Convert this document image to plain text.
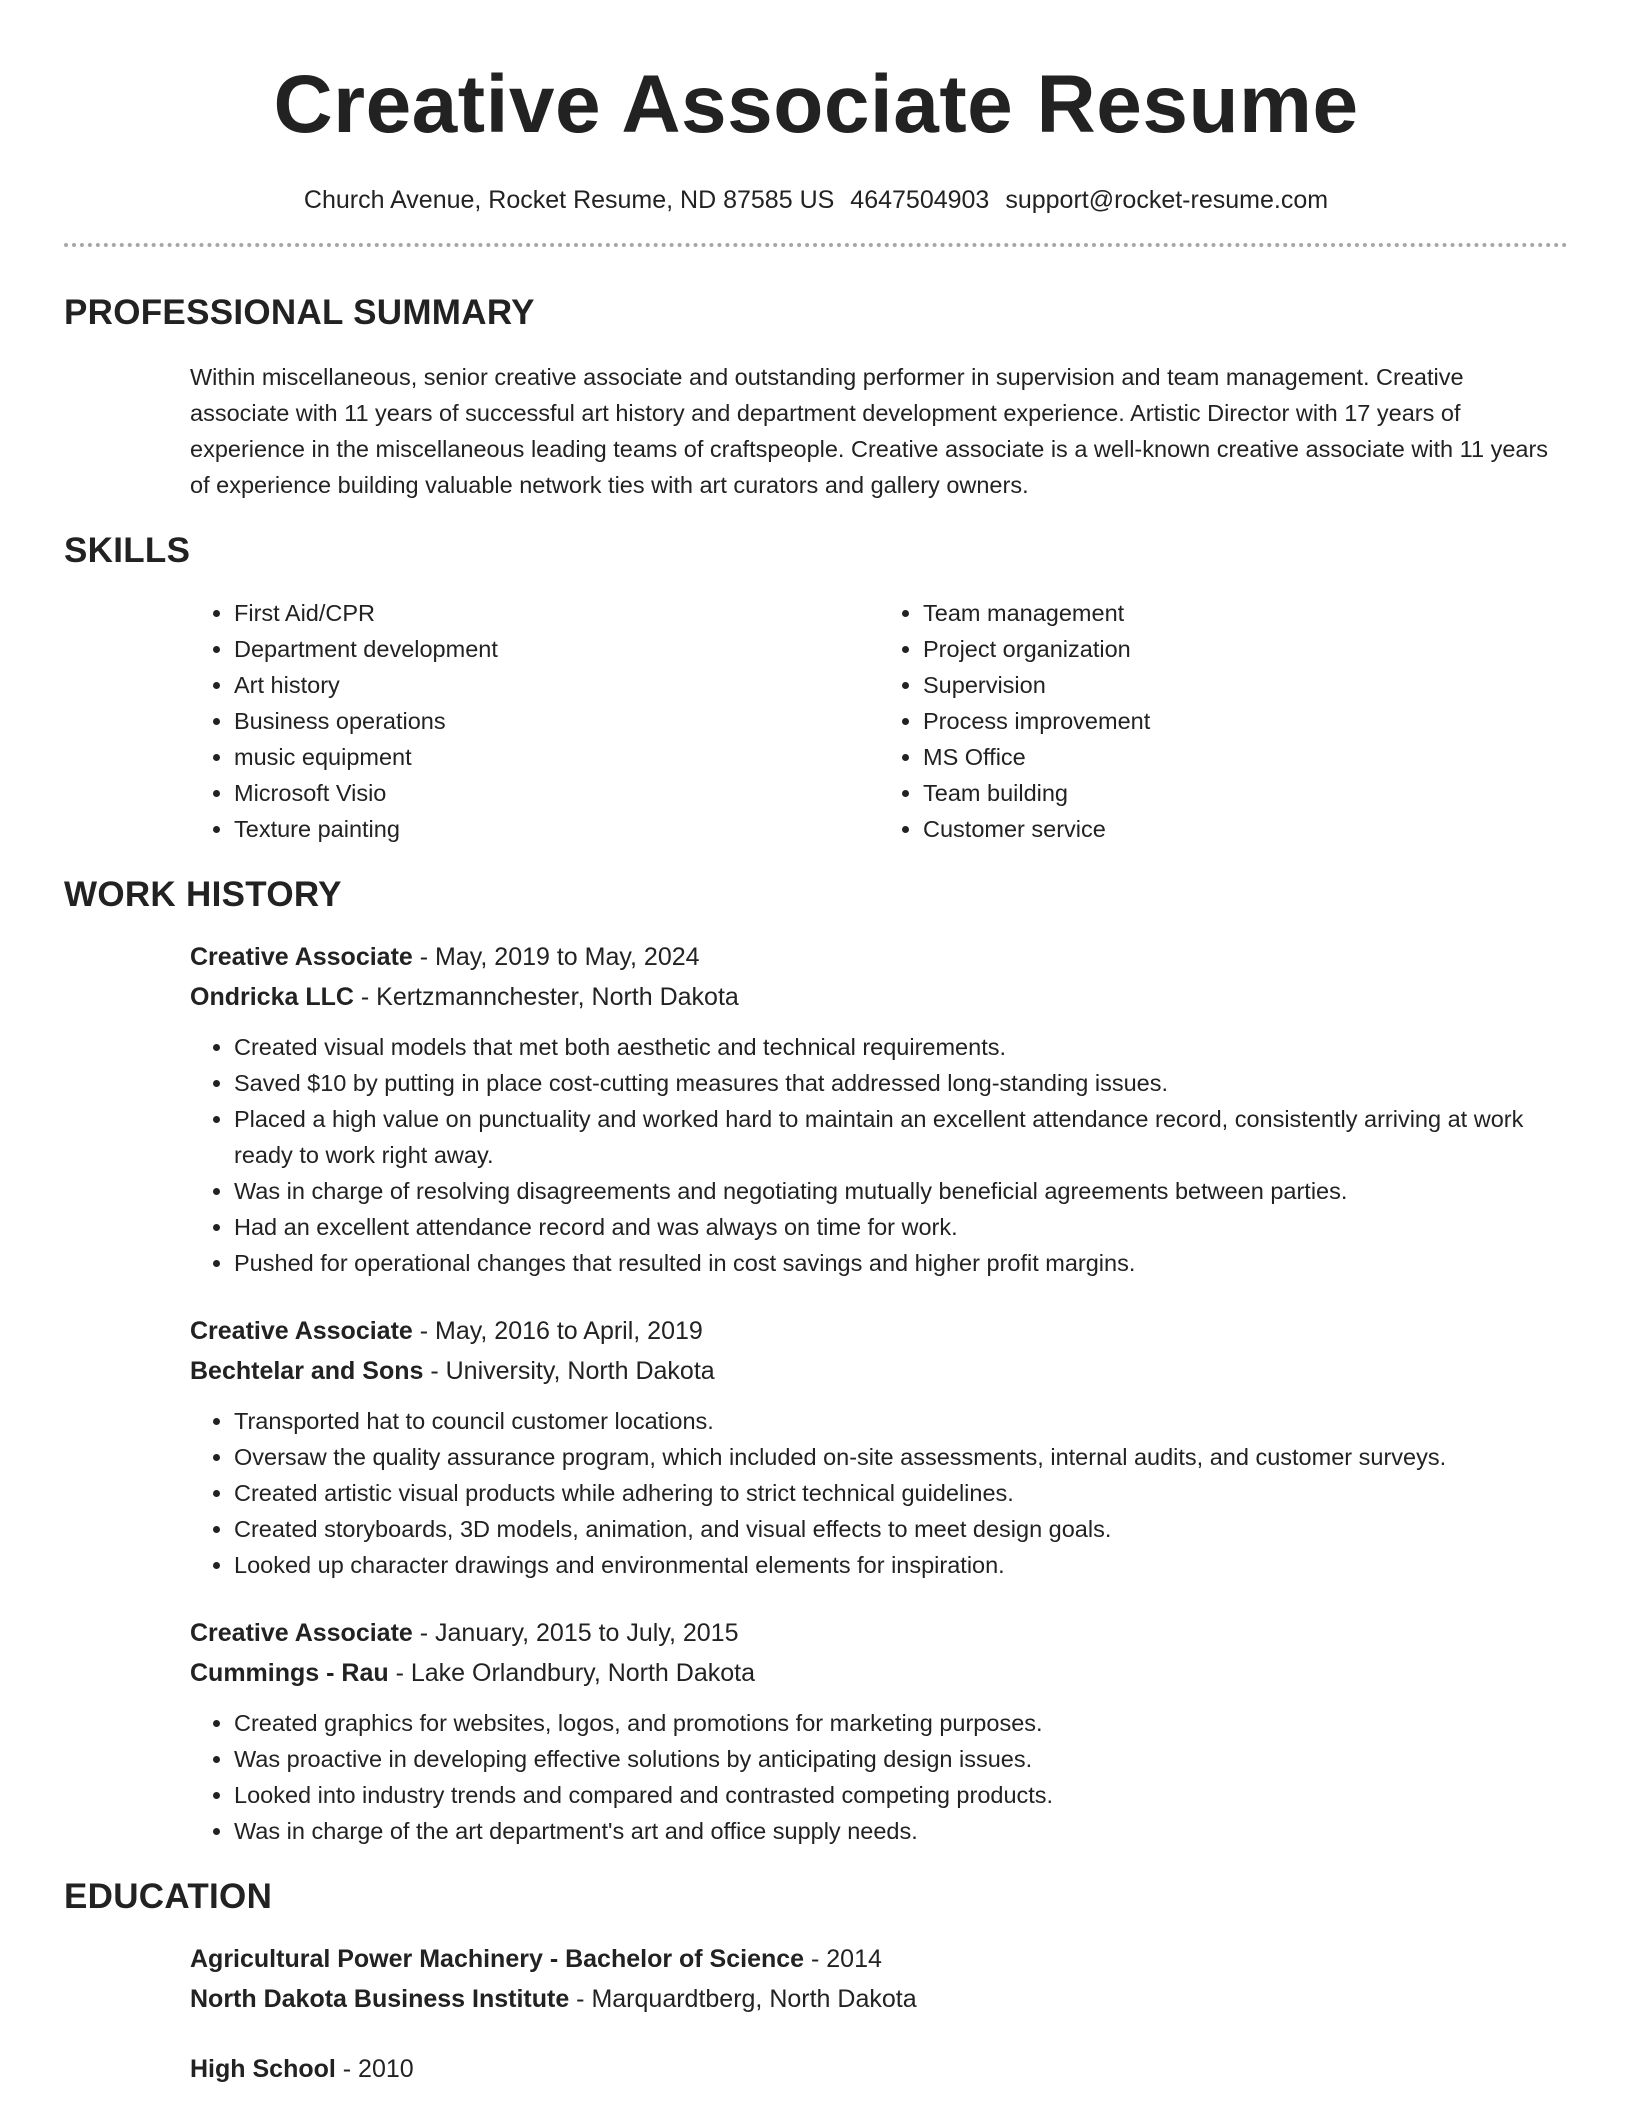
Creative Associate Resume
Church Avenue, Rocket Resume, ND 87585 US 4647504903 support@rocket-resume.com
PROFESSIONAL SUMMARY

Within miscellaneous, senior creative associate and outstanding performer in supervision and team management. Creative associate with 11 years of successful art history and department development experience. Artistic Director with 17 years of experience in the miscellaneous leading teams of craftspeople. Creative associate is a well-known creative associate with 11 years of experience building valuable network ties with art curators and gallery owners.

SKILLS
• First Aid/CPR
• Department development
• Art history
• Business operations
• music equipment
• Microsoft Visio
• Texture painting
• Team management
• Project organization
• Supervision
• Process improvement
• MS Office
• Team building
• Customer service
WORK HISTORY
Creative Associate - May, 2019 to May, 2024
Ondricka LLC - Kertzmannchester, North Dakota
• Created visual models that met both aesthetic and technical requirements.
• Saved $10 by putting in place cost-cutting measures that addressed long-standing issues.
• Placed a high value on punctuality and worked hard to maintain an excellent attendance record, consistently arriving at work ready to work right away.
• Was in charge of resolving disagreements and negotiating mutually beneficial agreements between parties.
• Had an excellent attendance record and was always on time for work.
• Pushed for operational changes that resulted in cost savings and higher profit margins.
Creative Associate - May, 2016 to April, 2019
Bechtelar and Sons - University, North Dakota
• Transported hat to council customer locations.
• Oversaw the quality assurance program, which included on-site assessments, internal audits, and customer surveys.
• Created artistic visual products while adhering to strict technical guidelines.
• Created storyboards, 3D models, animation, and visual effects to meet design goals.
• Looked up character drawings and environmental elements for inspiration.
Creative Associate - January, 2015 to July, 2015
Cummings - Rau - Lake Orlandbury, North Dakota
• Created graphics for websites, logos, and promotions for marketing purposes.
• Was proactive in developing effective solutions by anticipating design issues.
• Looked into industry trends and compared and contrasted competing products.
• Was in charge of the art department's art and office supply needs.
EDUCATION
Agricultural Power Machinery - Bachelor of Science - 2014
North Dakota Business Institute - Marquardtberg, North Dakota
High School - 2010
